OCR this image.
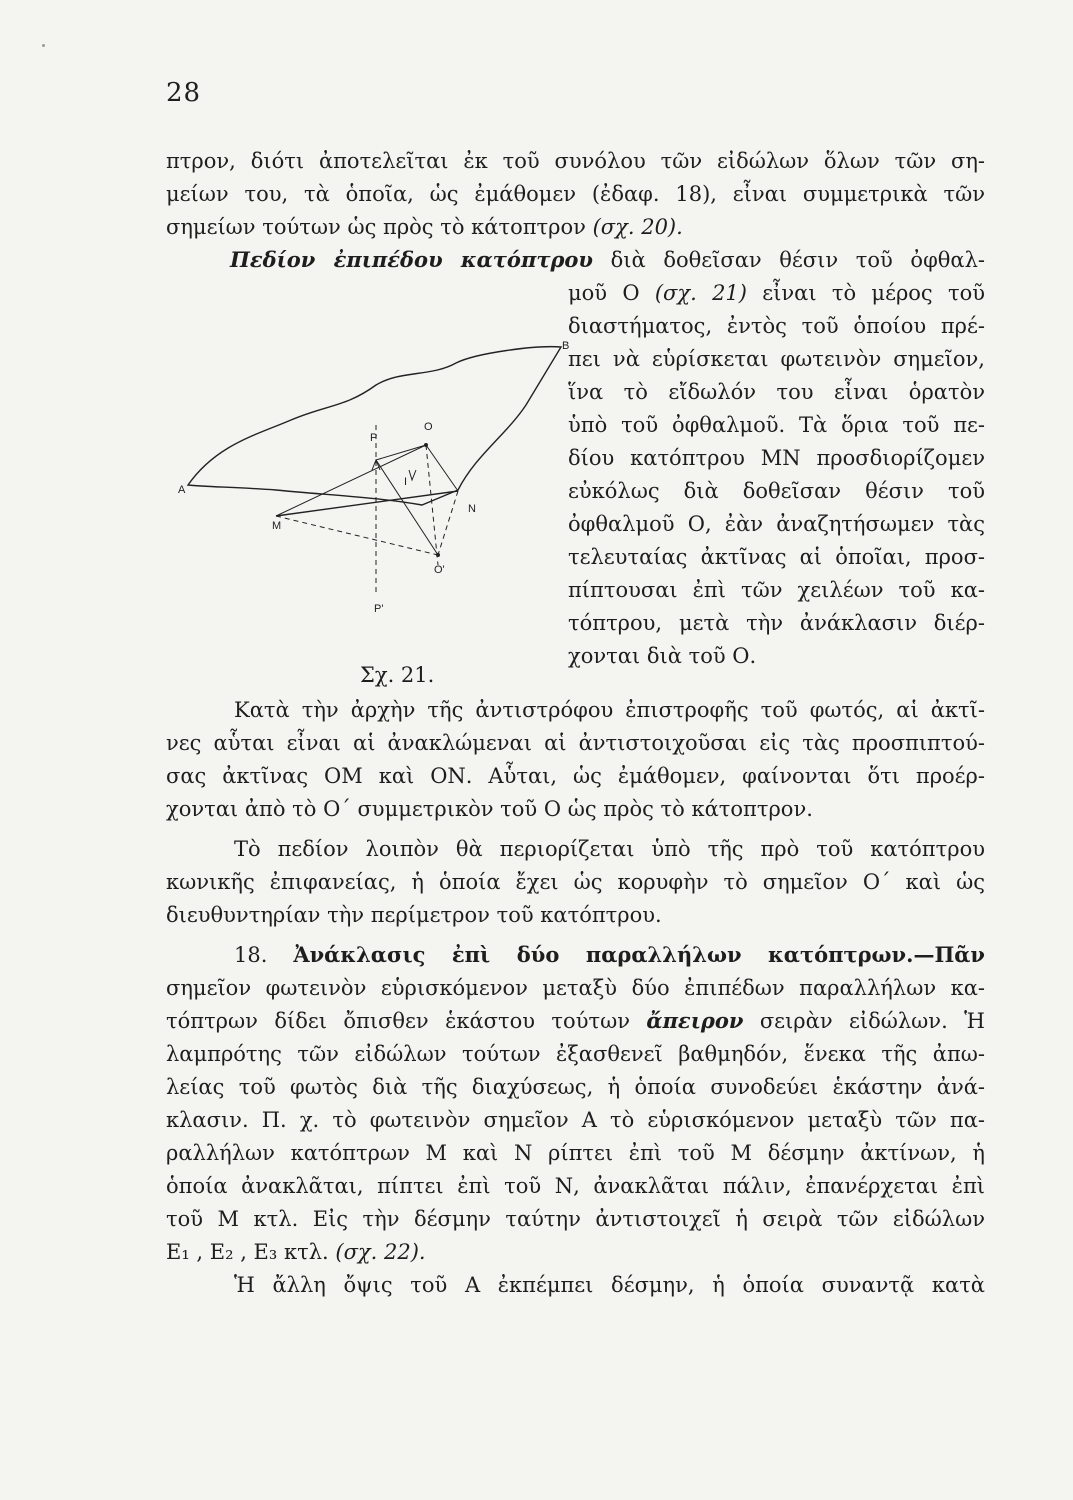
28
πτρον, διότι ἀποτελεῖται ἐκ τοῦ συνόλου τῶν εἰδώλων ὅλων τῶν ση-
μείων του, τὰ ὁποῖα, ὡς ἐμάθομεν (ἐδαφ. 18), εἶναι συμμετρικὰ τῶν
σημείων τούτων ὡς πρὸς τὸ κάτοπτρον (σχ. 20).
Πεδίον ἐπιπέδου κατόπτρου διὰ δοθεῖσαν θέσιν τοῦ ὀφθαλ-
μοῦ Ο (σχ. 21) εἶναι τὸ μέρος τοῦ
διαστήματος, ἐντὸς τοῦ ὁποίου πρέ-
πει νὰ εὑρίσκεται φωτεινὸν σημεῖον,
ἵνα τὸ εἴδωλόν του εἶναι ὁρατὸν
ὑπὸ τοῦ ὀφθαλμοῦ. Τὰ ὅρια τοῦ πε-
δίου κατόπτρου ΜΝ προσδιορίζομεν
εὐκόλως διὰ δοθεῖσαν θέσιν τοῦ
ὀφθαλμοῦ Ο, ἐὰν ἀναζητήσωμεν τὰς
τελευταίας ἀκτῖνας αἱ ὁποῖαι, προσ-
πίπτουσαι ἐπὶ τῶν χειλέων τοῦ κα-
τόπτρου, μετὰ τὴν ἀνάκλασιν διέρ-
χονται διὰ τοῦ Ο.
A
B
P
O
I
M
N
O'
P'
Σχ. 21.
Κατὰ τὴν ἀρχὴν τῆς ἀντιστρόφου ἐπιστροφῆς τοῦ φωτός, αἱ ἀκτῖ-
νες αὗται εἶναι αἱ ἀνακλώμεναι αἱ ἀντιστοιχοῦσαι εἰς τὰς προσπιπτού-
σας ἀκτῖνας ΟΜ καὶ ΟΝ. Αὗται, ὡς ἐμάθομεν, φαίνονται ὅτι προέρ-
χονται ἀπὸ τὸ Ο΄ συμμετρικὸν τοῦ Ο ὡς πρὸς τὸ κάτοπτρον.
Τὸ πεδίον λοιπὸν θὰ περιορίζεται ὑπὸ τῆς πρὸ τοῦ κατόπτρου
κωνικῆς ἐπιφανείας, ἡ ὁποία ἔχει ὡς κορυφὴν τὸ σημεῖον Ο΄ καὶ ὡς
διευθυντηρίαν τὴν περίμετρον τοῦ κατόπτρου.
18. Ἀνάκλασις ἐπὶ δύο παραλλήλων κατόπτρων.—Πᾶν
σημεῖον φωτεινὸν εὑρισκόμενον μεταξὺ δύο ἐπιπέδων παραλλήλων κα-
τόπτρων δίδει ὄπισθεν ἑκάστου τούτων ἄπειρον σειρὰν εἰδώλων. Ἡ
λαμπρότης τῶν εἰδώλων τούτων ἐξασθενεῖ βαθμηδόν, ἕνεκα τῆς ἀπω-
λείας τοῦ φωτὸς διὰ τῆς διαχύσεως, ἡ ὁποία συνοδεύει ἑκάστην ἀνά-
κλασιν. Π. χ. τὸ φωτεινὸν σημεῖον Α τὸ εὑρισκόμενον μεταξὺ τῶν πα-
ραλλήλων κατόπτρων Μ καὶ Ν ρίπτει ἐπὶ τοῦ Μ δέσμην ἀκτίνων, ἡ
ὁποία ἀνακλᾶται, πίπτει ἐπὶ τοῦ Ν, ἀνακλᾶται πάλιν, ἐπανέρχεται ἐπὶ
τοῦ Μ κτλ. Εἰς τὴν δέσμην ταύτην ἀντιστοιχεῖ ἡ σειρὰ τῶν εἰδώλων
Ε₁ , Ε₂ , Ε₃ κτλ. (σχ. 22).
Ἡ ἄλλη ὄψις τοῦ Α ἐκπέμπει δέσμην, ἡ ὁποία συναντᾷ κατὰ
